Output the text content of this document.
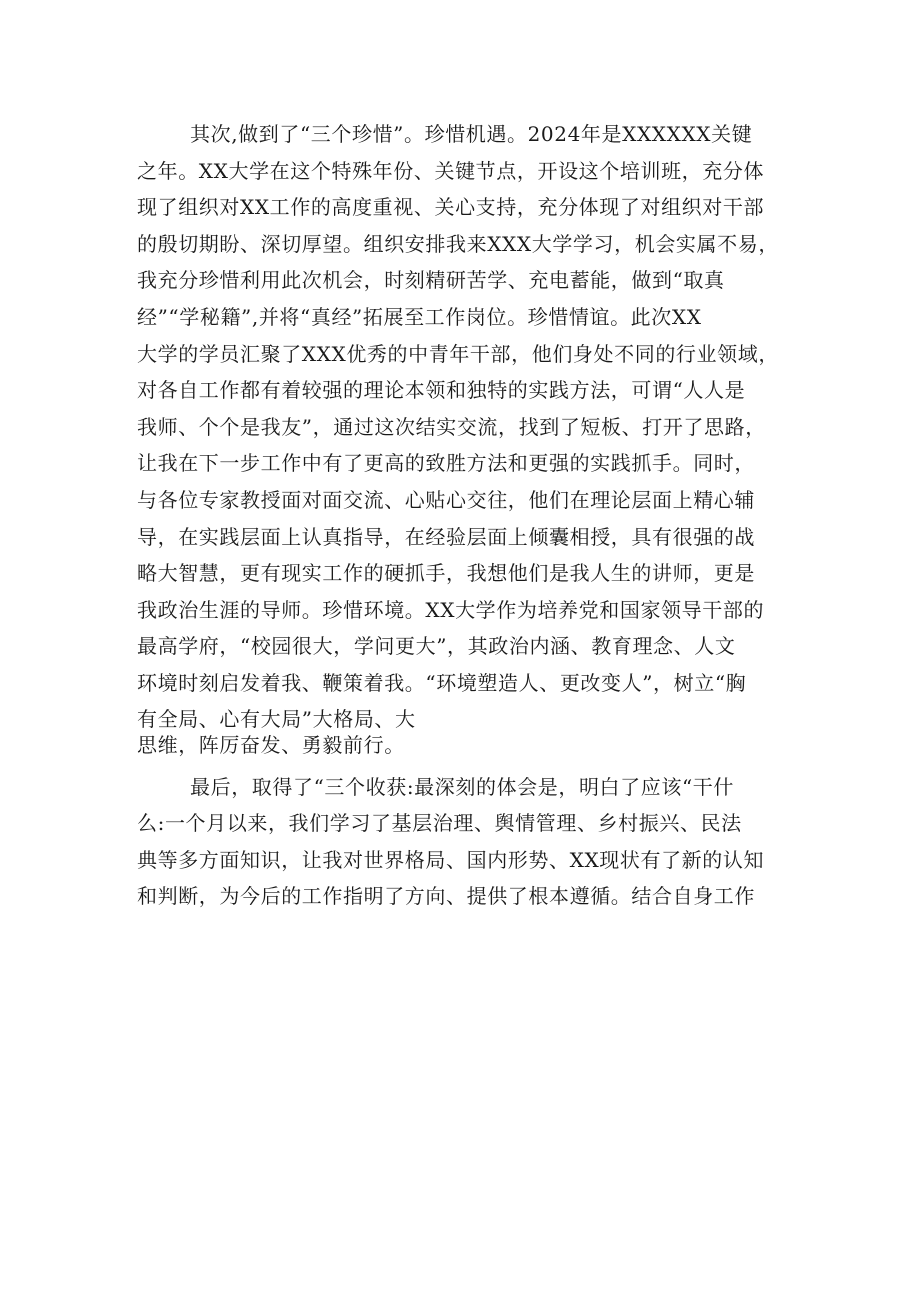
其次,做到了“三个珍惜”。珍惜机遇。2024年是XXXXXX关键
之年。XX大学在这个特殊年份、关键节点，开设这个培训班，充分体
现了组织对XX工作的高度重视、关心支持，充分体现了对组织对干部
的殷切期盼、深切厚望。组织安排我来XXX大学学习，机会实属不易，
我充分珍惜利用此次机会，时刻精研苦学、充电蓄能，做到“取真
经”“学秘籍”,并将“真经”拓展至工作岗位。珍惜情谊。此次XX
大学的学员汇聚了XXX优秀的中青年干部，他们身处不同的行业领域，
对各自工作都有着较强的理论本领和独特的实践方法，可谓“人人是
我师、个个是我友”，通过这次结实交流，找到了短板、打开了思路，
让我在下一步工作中有了更高的致胜方法和更强的实践抓手。同时，
与各位专家教授面对面交流、心贴心交往，他们在理论层面上精心辅
导，在实践层面上认真指导，在经验层面上倾囊相授，具有很强的战
略大智慧，更有现实工作的硬抓手，我想他们是我人生的讲师，更是
我政治生涯的导师。珍惜环境。XX大学作为培养党和国家领导干部的
最高学府，“校园很大，学问更大”，其政治内涵、教育理念、人文
环境时刻启发着我、鞭策着我。“环境塑造人、更改变人”，树立“胸
有全局、心有大局”大格局、大
思维，阵厉奋发、勇毅前行。
最后，取得了“三个收获:最深刻的体会是，明白了应该“干什
么:一个月以来，我们学习了基层治理、舆情管理、乡村振兴、民法
典等多方面知识，让我对世界格局、国内形势、XX现状有了新的认知
和判断，为今后的工作指明了方向、提供了根本遵循。结合自身工作
